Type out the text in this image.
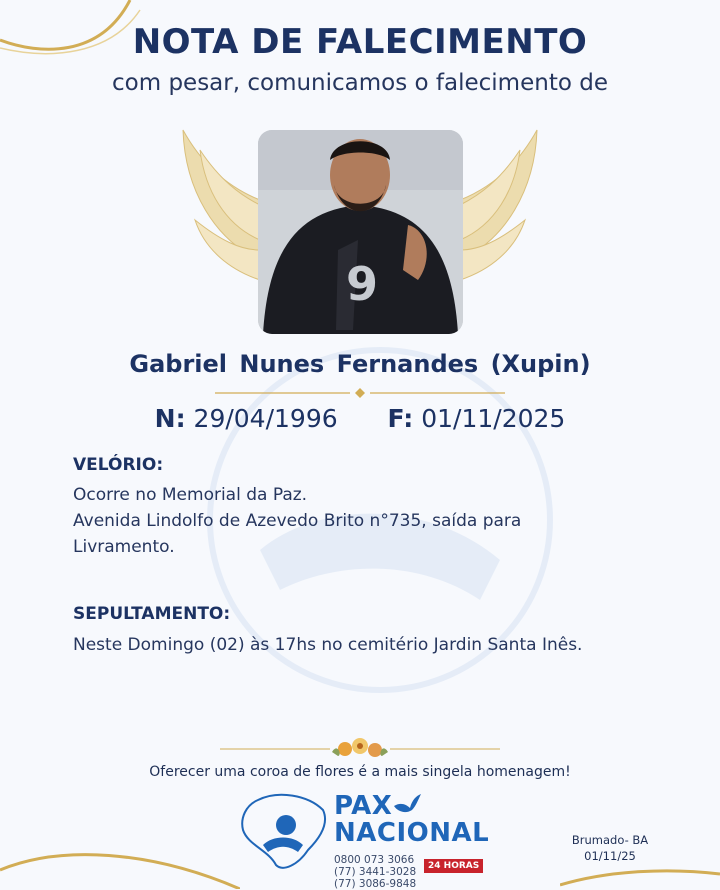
NOTA DE FALECIMENTO
com pesar, comunicamos o falecimento de
9
Gabriel Nunes Fernandes (Xupin)
N: 29/04/1996 F: 01/11/2025
VELÓRIO:
Ocorre no Memorial da Paz.
Avenida Lindolfo de Azevedo Brito n°735, saída para
Livramento.
SEPULTAMENTO:
Neste Domingo (02) às 17hs no cemitério Jardin Santa Inês.
Oferecer uma coroa de flores é a mais singela homenagem!
PAX
NACIONAL
0800 073 3066
(77) 3441-3028
(77) 3086-9848
24 HORAS
Brumado- BA
01/11/25
